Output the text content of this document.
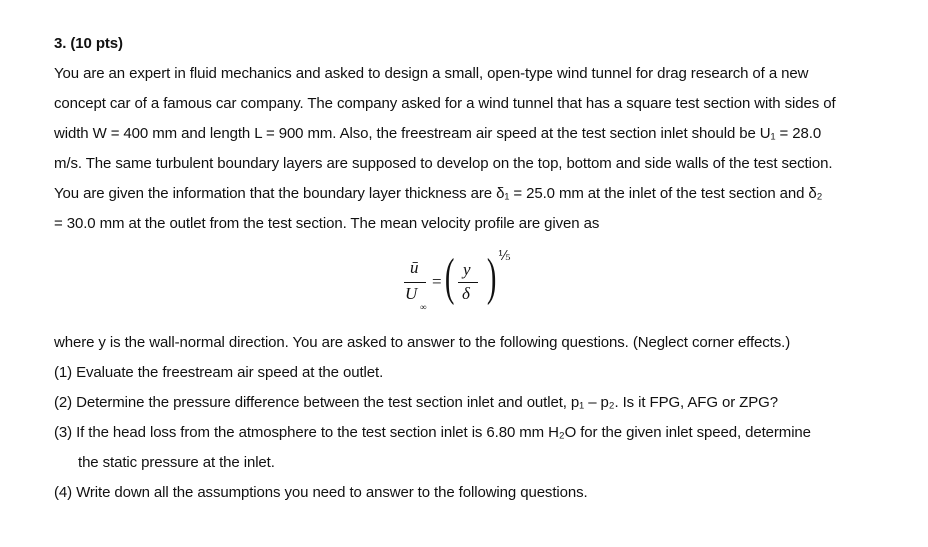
3. (10 pts)
You are an expert in fluid mechanics and asked to design a small, open-type wind tunnel for drag research of a new
concept car of a famous car company. The company asked for a wind tunnel that has a square test section with sides of
width W = 400 mm and length L = 900 mm. Also, the freestream air speed at the test section inlet should be U₁ = 28.0
m/s. The same turbulent boundary layers are supposed to develop on the top, bottom and side walls of the test section.
You are given the information that the boundary layer thickness are δ₁ = 25.0 mm at the inlet of the test section and δ₂
= 30.0 mm at the outlet from the test section. The mean velocity profile are given as
ū
U
∞
= ( y
δ ) ⅕
where y is the wall-normal direction. You are asked to answer to the following questions. (Neglect corner effects.)
(1) Evaluate the freestream air speed at the outlet.
(2) Determine the pressure difference between the test section inlet and outlet, p₁ – p₂. Is it FPG, AFG or ZPG?
(3) If the head loss from the atmosphere to the test section inlet is 6.80 mm H₂O for the given inlet speed, determine
the static pressure at the inlet.
(4) Write down all the assumptions you need to answer to the following questions.
